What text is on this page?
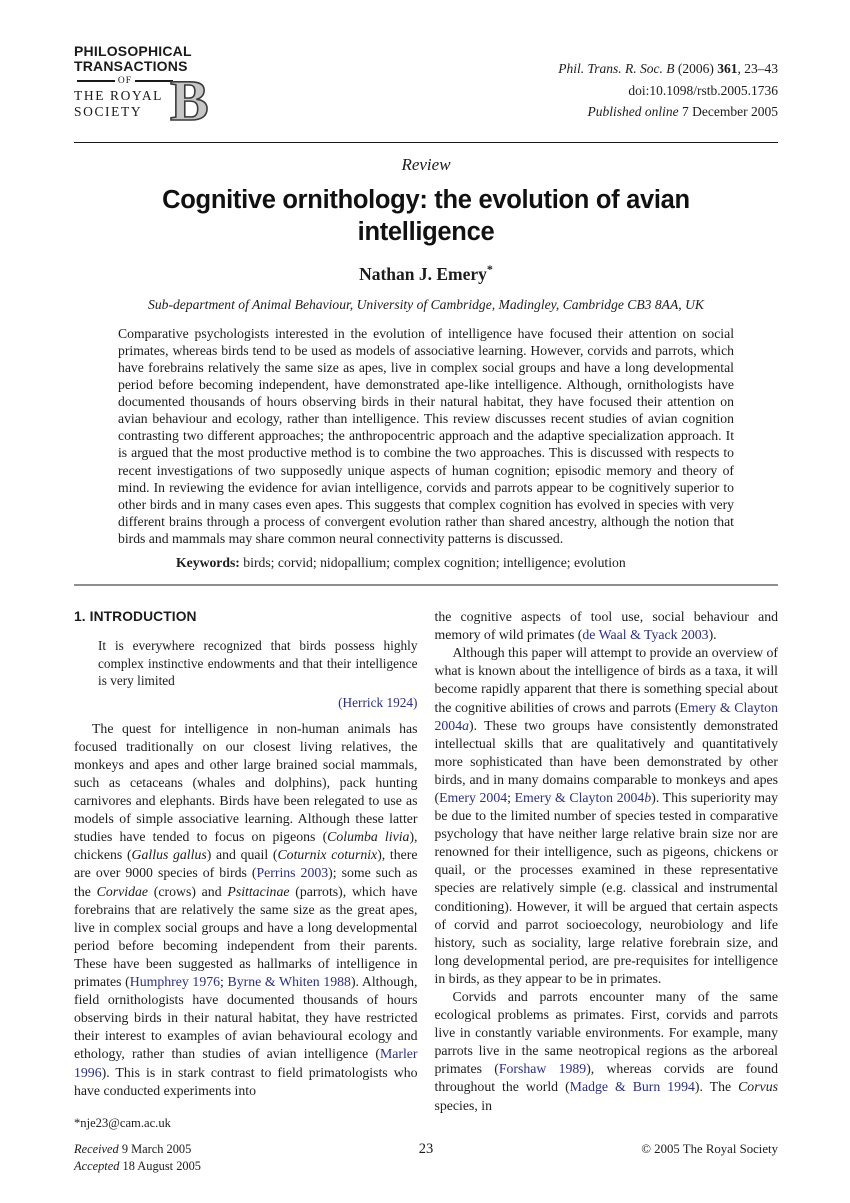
PHILOSOPHICAL
TRANSACTIONS
OF
THE ROYAL
SOCIETY B	Phil. Trans. R. Soc. B (2006) 361, 23–43
doi:10.1098/rstb.2005.1736
Published online 7 December 2005
Review
Cognitive ornithology: the evolution of avian
intelligence
Nathan J. Emery*
Sub-department of Animal Behaviour, University of Cambridge, Madingley, Cambridge CB3 8AA, UK
Comparative psychologists interested in the evolution of intelligence have focused their attention on social primates, whereas birds tend to be used as models of associative learning. However, corvids and parrots, which have forebrains relatively the same size as apes, live in complex social groups and have a long developmental period before becoming independent, have demonstrated ape-like intelligence. Although, ornithologists have documented thousands of hours observing birds in their natural habitat, they have focused their attention on avian behaviour and ecology, rather than intelligence. This review discusses recent studies of avian cognition contrasting two different approaches; the anthropocentric approach and the adaptive specialization approach. It is argued that the most productive method is to combine the two approaches. This is discussed with respects to recent investigations of two supposedly unique aspects of human cognition; episodic memory and theory of mind. In reviewing the evidence for avian intelligence, corvids and parrots appear to be cognitively superior to other birds and in many cases even apes. This suggests that complex cognition has evolved in species with very different brains through a process of convergent evolution rather than shared ancestry, although the notion that birds and mammals may share common neural connectivity patterns is discussed.
Keywords: birds; corvid; nidopallium; complex cognition; intelligence; evolution
1. INTRODUCTION
It is everywhere recognized that birds possess highly complex instinctive endowments and that their intelligence is very limited
(Herrick 1924)

The quest for intelligence in non-human animals has focused traditionally on our closest living relatives, the monkeys and apes and other large brained social mammals, such as cetaceans (whales and dolphins), pack hunting carnivores and elephants. Birds have been relegated to use as models of simple associative learning. Although these latter studies have tended to focus on pigeons (Columba livia), chickens (Gallus gallus) and quail (Coturnix coturnix), there are over 9000 species of birds (Perrins 2003); some such as the Corvidae (crows) and Psittacinae (parrots), which have forebrains that are relatively the same size as the great apes, live in complex social groups and have a long developmental period before becoming independent from their parents. These have been suggested as hallmarks of intelligence in primates (Humphrey 1976; Byrne & Whiten 1988). Although, field ornithologists have documented thousands of hours observing birds in their natural habitat, they have restricted their interest to examples of avian behavioural ecology and ethology, rather than studies of avian intelligence (Marler 1996). This is in stark contrast to field primatologists who have conducted experiments into

*nje23@cam.ac.uk

the cognitive aspects of tool use, social behaviour and memory of wild primates (de Waal & Tyack 2003).

Although this paper will attempt to provide an overview of what is known about the intelligence of birds as a taxa, it will become rapidly apparent that there is something special about the cognitive abilities of crows and parrots (Emery & Clayton 2004a). These two groups have consistently demonstrated intellectual skills that are qualitatively and quantitatively more sophisticated than have been demonstrated by other birds, and in many domains comparable to monkeys and apes (Emery 2004; Emery & Clayton 2004b). This superiority may be due to the limited number of species tested in comparative psychology that have neither large relative brain size nor are renowned for their intelligence, such as pigeons, chickens or quail, or the processes examined in these representative species are relatively simple (e.g. classical and instrumental conditioning). However, it will be argued that certain aspects of corvid and parrot socioecology, neurobiology and life history, such as sociality, large relative forebrain size, and long developmental period, are pre-requisites for intelligence in birds, as they appear to be in primates.

Corvids and parrots encounter many of the same ecological problems as primates. First, corvids and parrots live in constantly variable environments. For example, many parrots live in the same neotropical regions as the arboreal primates (Forshaw 1989), whereas corvids are found throughout the world (Madge & Burn 1994). The Corvus species, in

Received 9 March 2005
Accepted 18 August 2005
23	© 2005 The Royal Society
